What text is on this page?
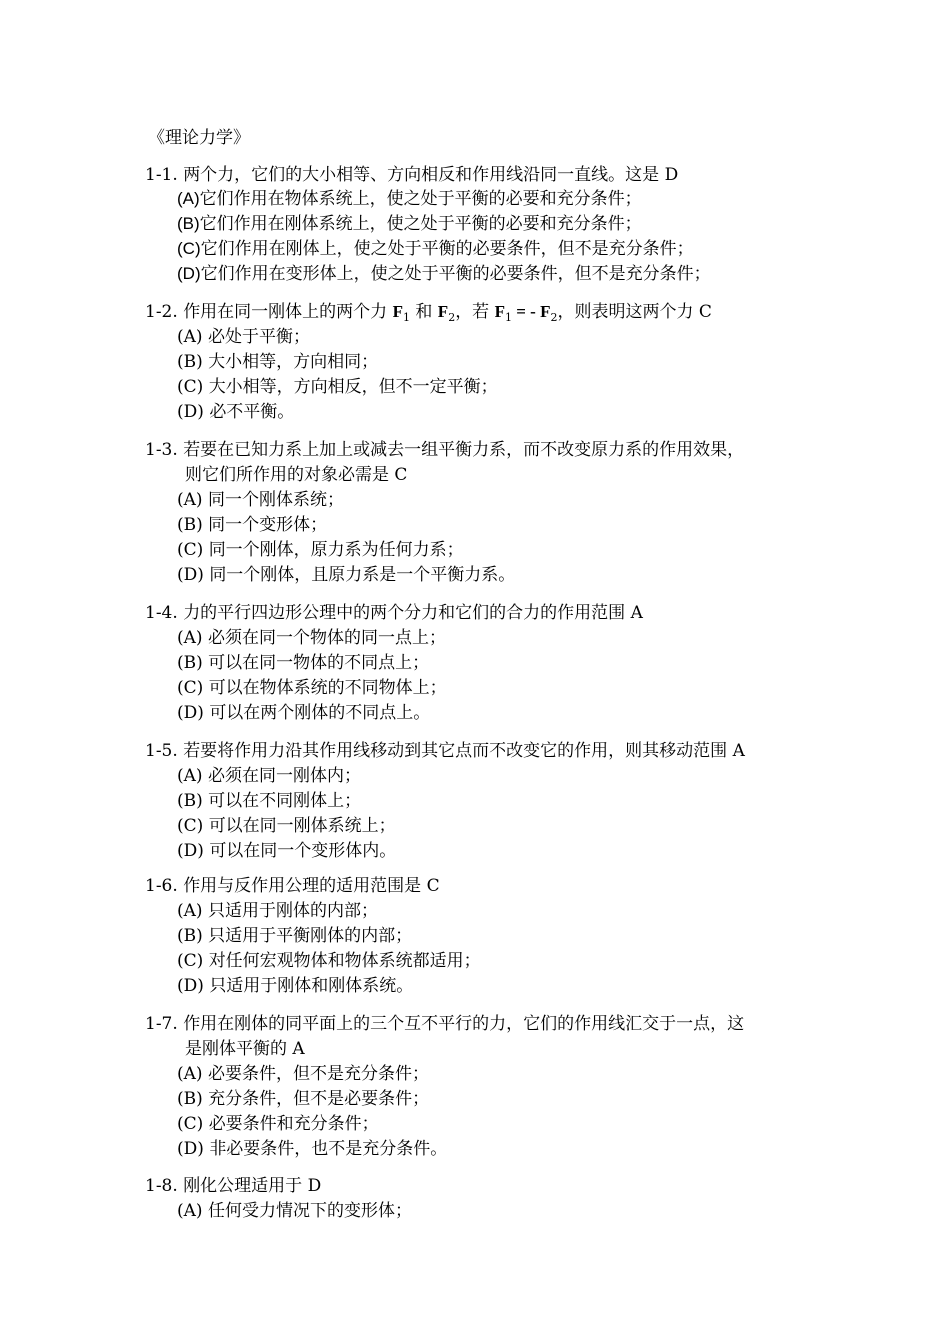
《理论力学》
1-1. 两个力，它们的大小相等、方向相反和作用线沿同一直线。这是 D
(A)它们作用在物体系统上，使之处于平衡的必要和充分条件；
(B)它们作用在刚体系统上，使之处于平衡的必要和充分条件；
(C)它们作用在刚体上，使之处于平衡的必要条件，但不是充分条件；
(D)它们作用在变形体上，使之处于平衡的必要条件，但不是充分条件；
1-2. 作用在同一刚体上的两个力 $F_1$ 和 $F_2$，若 $F_1$ = - $F_2$，则表明这两个力 C
(A) 必处于平衡；
(B) 大小相等，方向相同；
(C) 大小相等，方向相反，但不一定平衡；
(D) 必不平衡。
1-3. 若要在已知力系上加上或减去一组平衡力系，而不改变原力系的作用效果，
则它们所作用的对象必需是 C
(A) 同一个刚体系统；
(B) 同一个变形体；
(C) 同一个刚体，原力系为任何力系；
(D) 同一个刚体，且原力系是一个平衡力系。
1-4. 力的平行四边形公理中的两个分力和它们的合力的作用范围 A
(A) 必须在同一个物体的同一点上；
(B) 可以在同一物体的不同点上；
(C) 可以在物体系统的不同物体上；
(D) 可以在两个刚体的不同点上。
1-5. 若要将作用力沿其作用线移动到其它点而不改变它的作用，则其移动范围 A
(A) 必须在同一刚体内；
(B) 可以在不同刚体上；
(C) 可以在同一刚体系统上；
(D) 可以在同一个变形体内。
1-6. 作用与反作用公理的适用范围是 C
(A) 只适用于刚体的内部；
(B) 只适用于平衡刚体的内部；
(C) 对任何宏观物体和物体系统都适用；
(D) 只适用于刚体和刚体系统。
1-7. 作用在刚体的同平面上的三个互不平行的力，它们的作用线汇交于一点，这
是刚体平衡的 A
(A) 必要条件，但不是充分条件；
(B) 充分条件，但不是必要条件；
(C) 必要条件和充分条件；
(D) 非必要条件，也不是充分条件。
1-8. 刚化公理适用于 D
(A) 任何受力情况下的变形体；
